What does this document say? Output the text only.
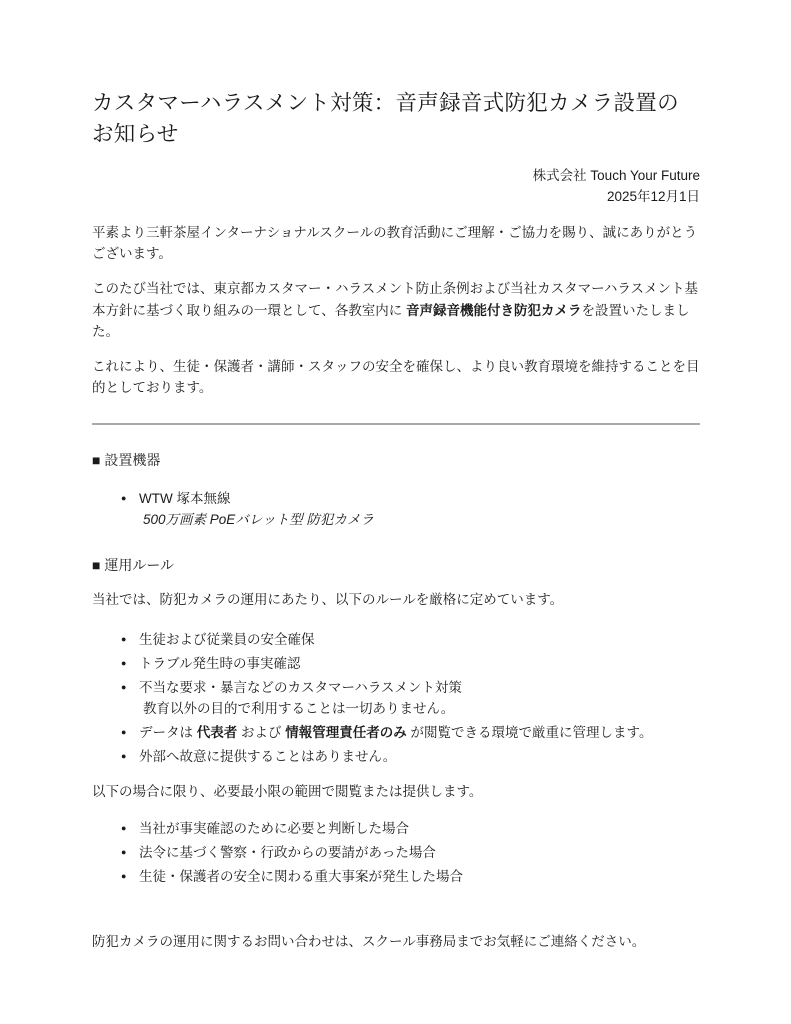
カスタマーハラスメント対策：音声録音式防犯カメラ設置のお知らせ
株式会社 Touch Your Future
2025年12月1日

平素より三軒茶屋インターナショナルスクールの教育活動にご理解・ご協力を賜り、誠にありがとうございます。

このたび当社では、東京都カスタマー・ハラスメント防止条例および当社カスタマーハラスメント基本方針に基づく取り組みの一環として、各教室内に 音声録音機能付き防犯カメラを設置いたしました。

これにより、生徒・保護者・講師・スタッフの安全を確保し、より良い教育環境を維持することを目的としております。

■ 設置機器
● WTW 塚本無線
500万画素 PoEバレット型 防犯カメラ
■ 運用ルール

当社では、防犯カメラの運用にあたり、以下のルールを厳格に定めています。

● 生徒および従業員の安全確保
● トラブル発生時の事実確認
● 不当な要求・暴言などのカスタマーハラスメント対策
教育以外の目的で利用することは一切ありません。
● データは 代表者 および 情報管理責任者のみ が閲覧できる環境で厳重に管理します。
● 外部へ故意に提供することはありません。

以下の場合に限り、必要最小限の範囲で閲覧または提供します。

● 当社が事実確認のために必要と判断した場合
● 法令に基づく警察・行政からの要請があった場合
● 生徒・保護者の安全に関わる重大事案が発生した場合

防犯カメラの運用に関するお問い合わせは、スクール事務局までお気軽にご連絡ください。
